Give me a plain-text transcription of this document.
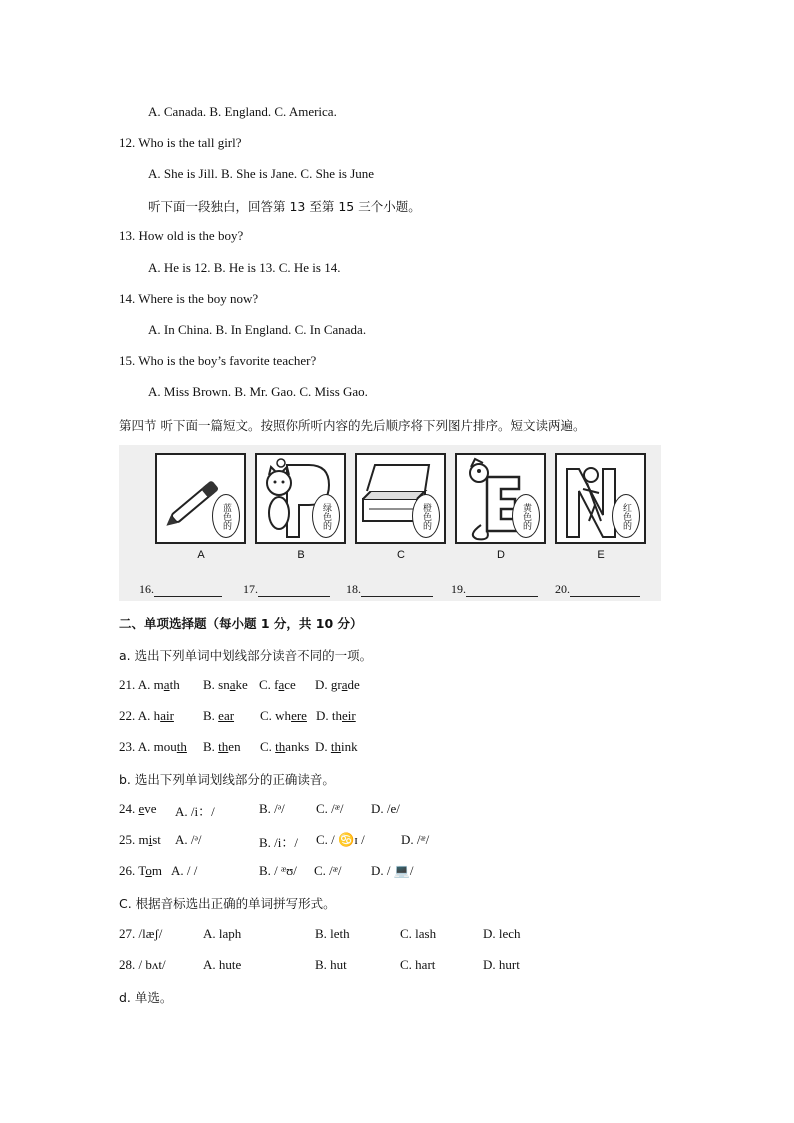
A. Canada. B. England. C. America.
12. Who is the tall girl?
A. She is Jill. B. She is Jane. C. She is June
听下面一段独白，回答第 13 至第 15 三个小题。
13. How old is the boy?
A. He is 12. B. He is 13. C. He is 14.
14. Where is the boy now?
A. In China. B. In England. C. In Canada.
15. Who is the boy’s favorite teacher?
A. Miss Brown. B. Mr. Gao. C. Miss Gao.
第四节 听下面一篇短文。按照你所听内容的先后顺序将下列图片排序。短文读两遍。
蓝色的	绿色的	橙色的	黄色的	红色的
A	B	C	D	E
16.	17.	18.	19.	20.
二、单项选择题（每小题 1 分，共 10 分）
a. 选出下列单词中划线部分读音不同的一项。
21. A. math B. snake C. face D. grade
22. A. hair B. ear C. where D. their
23. A. mouth B. then C. thanks D. think
b. 选出下列单词划线部分的正确读音。
24. eve A. /i：/	B. /ᵊ/ C. /ᵆ/ D. /e/
25. mist A. /ᵊ/	B. /i：/ C. / ♋ɪ /	D. /ᵆ/
26. Tom A. / /	B. / ᵆʊ/ C. /ᵆ/ D. / 💻/
C. 根据音标选出正确的单词拼写形式。
27. /læʃ/	A. laph	B. leth	C. lash	D. lech
28. / bʌt/	A. hute	B. hut	C. hart	D. hurt
d. 单选。
